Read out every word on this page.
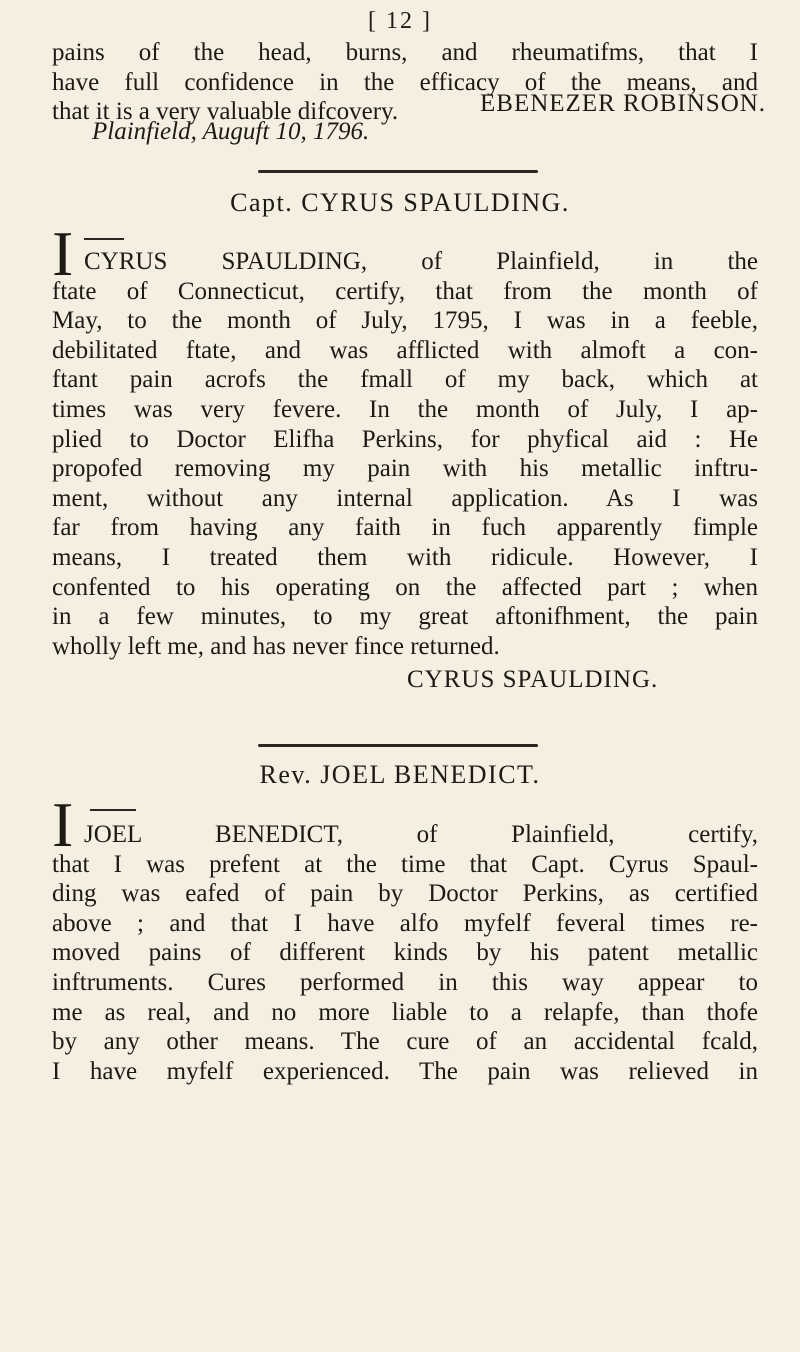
[ 12 ]
pains of the head, burns, and rheumatifms, that I
have full confidence in the efficacy of the means, and
that it is a very valuable difcovery.	EBENEZER ROBINSON.
Plainfield, Auguft 10, 1796.
Capt. CYRUS SPAULDING.
I CYRUS SPAULDING, of Plainfield, in the
ftate of Connecticut, certify, that from the month of
May, to the month of July, 1795, I was in a feeble,
debilitated ftate, and was afflicted with almoft a con-
ftant pain acrofs the fmall of my back, which at
times was very fevere. In the month of July, I ap-
plied to Doctor Elifha Perkins, for phyfical aid : He
propofed removing my pain with his metallic inftru-
ment, without any internal application. As I was
far from having any faith in fuch apparently fimple
means, I treated them with ridicule. However, I
confented to his operating on the affected part ; when
in a few minutes, to my great aftonifhment, the pain
wholly left me, and has never fince returned.
CYRUS SPAULDING.
Rev. JOEL BENEDICT.
I JOEL BENEDICT, of Plainfield, certify,
that I was prefent at the time that Capt. Cyrus Spaul-
ding was eafed of pain by Doctor Perkins, as certified
above ; and that I have alfo myfelf feveral times re-
moved pains of different kinds by his patent metallic
inftruments. Cures performed in this way appear to
me as real, and no more liable to a relapfe, than thofe
by any other means. The cure of an accidental fcald,
I have myfelf experienced. The pain was relieved in
